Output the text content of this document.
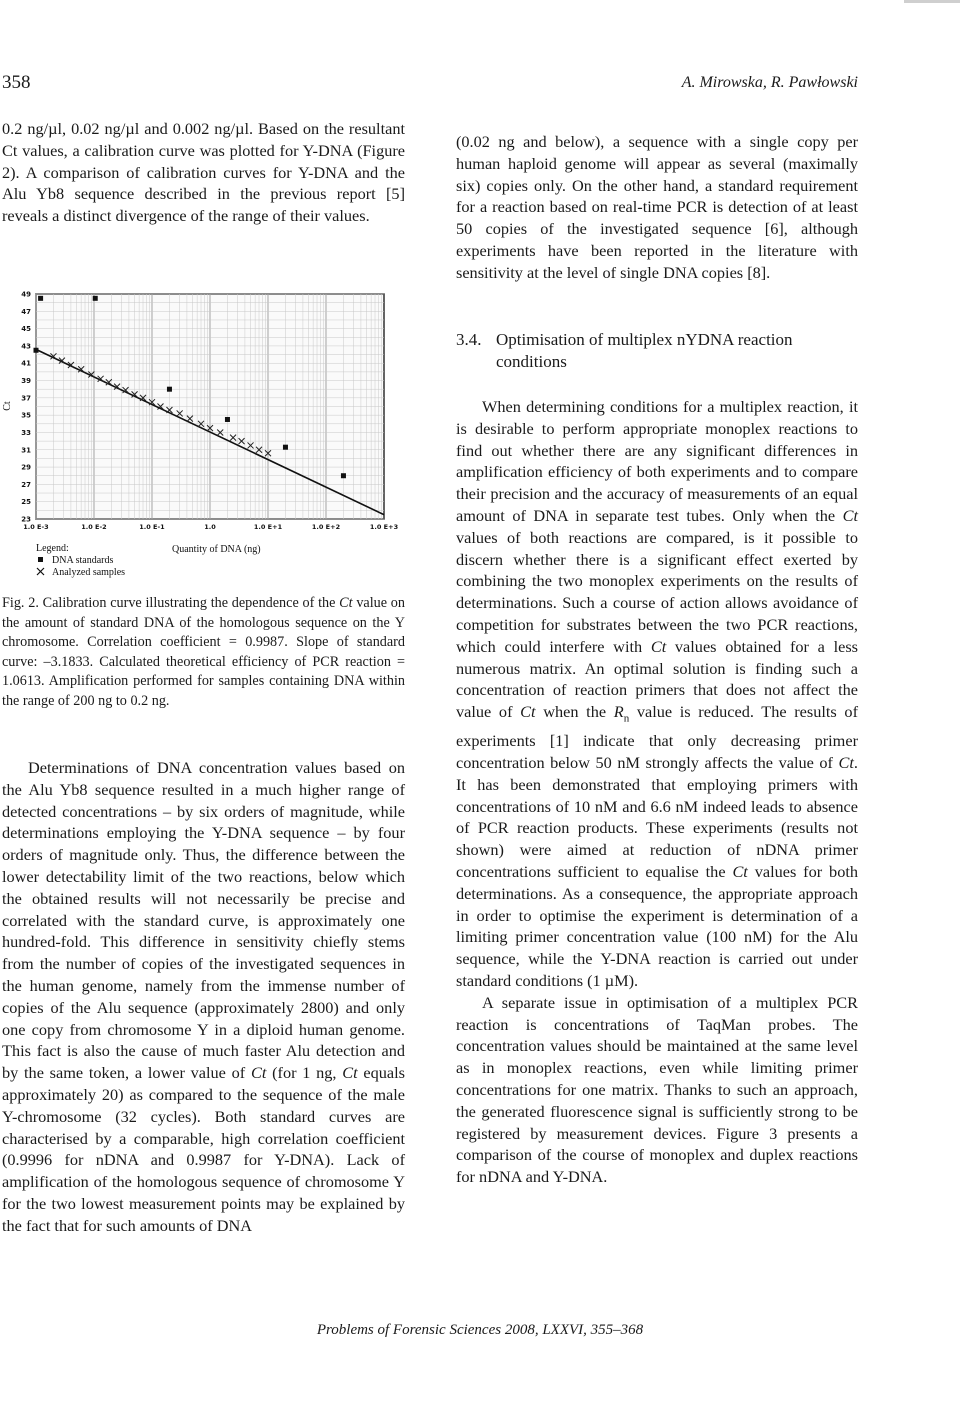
358	A. Mirowska, R. Pawłowski

0.2 ng/µl, 0.02 ng/µl and 0.002 ng/µl. Based on the resultant Ct values, a calibration curve was plotted for Y-DNA (Figure 2). A comparison of calibration curves for Y-DNA and the Alu Yb8 sequence described in the previous report [5] reveals a distinct divergence of the range of their values.

23
25
27
29
31
33
35
37
39
41
43
45
47
49
1.0 E-3	1.0 E-2	1.0 E-1	1.0	1.0 E+1	1.0 E+2	1.0 E+3
Ct
Legend:
DNA standards
Analyzed samples
Quantity of DNA (ng)
Fig. 2. Calibration curve illustrating the dependence of the Ct value on the amount of standard DNA of the homologous sequence on the Y chromosome. Correlation coefficient = 0.9987. Slope of standard curve: –3.1833. Calculated theoretical efficiency of PCR reaction = 1.0613. Amplification performed for samples containing DNA within the range of 200 ng to 0.2 ng.

Determinations of DNA concentration values based on the Alu Yb8 sequence resulted in a much higher range of detected concentrations – by six orders of magnitude, while determinations employing the Y-DNA sequence – by four orders of magnitude only. Thus, the difference between the lower detectability limit of the two reactions, below which the obtained results will not necessarily be precise and correlated with the standard curve, is approximately one hundred-fold. This difference in sensitivity chiefly stems from the number of copies of the investigated sequences in the human genome, namely from the immense number of copies of the Alu sequence (approximately 2800) and only one copy from chromosome Y in a diploid human genome. This fact is also the cause of much faster Alu detection and by the same token, a lower value of Ct (for 1 ng, Ct equals approximately 20) as compared to the sequence of the male Y-chromosome (32 cycles). Both standard curves are characterised by a comparable, high correlation coefficient (0.9996 for nDNA and 0.9987 for Y-DNA). Lack of amplification of the homologous sequence of chromosome Y for the two lowest measurement points may be explained by the fact that for such amounts of DNA

(0.02 ng and below), a sequence with a single copy per human haploid genome will appear as several (maximally six) copies only. On the other hand, a standard requirement for a reaction based on real-time PCR is detection of at least 50 copies of the investigated sequence [6], although experiments have been reported in the literature with sensitivity at the level of single DNA copies [8].

3.4. Optimisation of multiplex nYDNA reaction
conditions

When determining conditions for a multiplex reaction, it is desirable to perform appropriate monoplex reactions to find out whether there are any significant differences in amplification efficiency of both experiments and to compare their precision and the accuracy of measurements of an equal amount of DNA in separate test tubes. Only when the Ct values of both reactions are compared, is it possible to discern whether there is a significant effect exerted by combining the two monoplex experiments on the results of determinations. Such a course of action allows avoidance of competition for substrates between the two PCR reactions, which could interfere with Ct values obtained for a less numerous matrix. An optimal solution is finding such a concentration of reaction primers that does not affect the value of Ct when the $R_n$ value is reduced. The results of experiments [1] indicate that only decreasing primer concentration below 50 nM strongly affects the value of Ct. It has been demonstrated that employing primers with concentrations of 10 nM and 6.6 nM indeed leads to absence of PCR reaction products. These experiments (results not shown) were aimed at reduction of nDNA primer concentrations sufficient to equalise the Ct values for both determinations. As a consequence, the appropriate approach in order to optimise the experiment is determination of a limiting primer concentration value (100 nM) for the Alu sequence, while the Y-DNA reaction is carried out under standard conditions (1 µM).

A separate issue in optimisation of a multiplex PCR reaction is concentrations of TaqMan probes. The concentration values should be maintained at the same level as in monoplex reactions, even while limiting primer concentrations for one matrix. Thanks to such an approach, the generated fluorescence signal is sufficiently strong to be registered by measurement devices. Figure 3 presents a comparison of the course of monoplex and duplex reactions for nDNA and Y-DNA.

Problems of Forensic Sciences 2008, LXXVI, 355–368
